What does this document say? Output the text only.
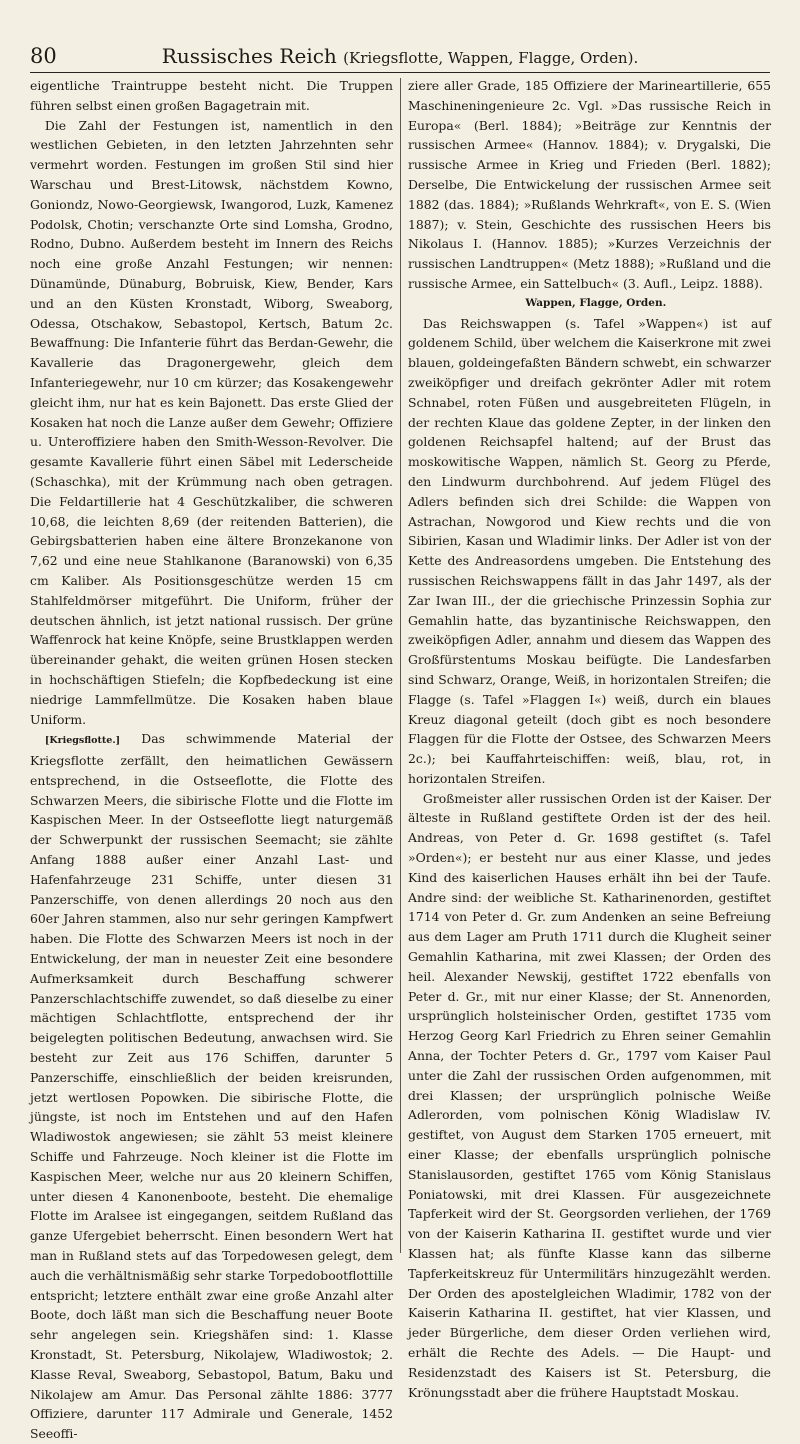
80	Russisches Reich (Kriegsflotte, Wappen, Flagge, Orden).

eigentliche Traintruppe besteht nicht. Die Truppen führen selbst einen großen Bagagetrain mit.

Die Zahl der Festungen ist, namentlich in den westlichen Gebieten, in den letzten Jahrzehnten sehr vermehrt worden. Festungen im großen Stil sind hier Warschau und Brest-Litowsk, nächstdem Kowno, Goniondz, Nowo-Georgiewsk, Iwangorod, Luzk, Kamenez Podolsk, Chotin; verschanzte Orte sind Lomsha, Grodno, Rodno, Dubno. Außerdem besteht im Innern des Reichs noch eine große Anzahl Festungen; wir nennen: Dünamünde, Dünaburg, Bobruisk, Kiew, Bender, Kars und an den Küsten Kronstadt, Wiborg, Sweaborg, Odessa, Otschakow, Sebastopol, Kertsch, Batum 2c. Bewaffnung: Die Infanterie führt das Berdan-Gewehr, die Kavallerie das Dragonergewehr, gleich dem Infanteriegewehr, nur 10 cm kürzer; das Kosakengewehr gleicht ihm, nur hat es kein Bajonett. Das erste Glied der Kosaken hat noch die Lanze außer dem Gewehr; Offiziere u. Unteroffiziere haben den Smith-Wesson-Revolver. Die gesamte Kavallerie führt einen Säbel mit Lederscheide (Schaschka), mit der Krümmung nach oben getragen. Die Feldartillerie hat 4 Geschützkaliber, die schweren 10,68, die leichten 8,69 (der reitenden Batterien), die Gebirgsbatterien haben eine ältere Bronzekanone von 7,62 und eine neue Stahlkanone (Baranowski) von 6,35 cm Kaliber. Als Positionsgeschütze werden 15 cm Stahlfeldmörser mitgeführt. Die Uniform, früher der deutschen ähnlich, ist jetzt national russisch. Der grüne Waffenrock hat keine Knöpfe, seine Brustklappen werden übereinander gehakt, die weiten grünen Hosen stecken in hochschäftigen Stiefeln; die Kopfbedeckung ist eine niedrige Lammfellmütze. Die Kosaken haben blaue Uniform.

[Kriegsflotte.] Das schwimmende Material der Kriegsflotte zerfällt, den heimatlichen Gewässern entsprechend, in die Ostseeflotte, die Flotte des Schwarzen Meers, die sibirische Flotte und die Flotte im Kaspischen Meer. In der Ostseeflotte liegt naturgemäß der Schwerpunkt der russischen Seemacht; sie zählte Anfang 1888 außer einer Anzahl Last- und Hafenfahrzeuge 231 Schiffe, unter diesen 31 Panzerschiffe, von denen allerdings 20 noch aus den 60er Jahren stammen, also nur sehr geringen Kampfwert haben. Die Flotte des Schwarzen Meers ist noch in der Entwickelung, der man in neuester Zeit eine besondere Aufmerksamkeit durch Beschaffung schwerer Panzerschlachtschiffe zuwendet, so daß dieselbe zu einer mächtigen Schlachtflotte, entsprechend der ihr beigelegten politischen Bedeutung, anwachsen wird. Sie besteht zur Zeit aus 176 Schiffen, darunter 5 Panzerschiffe, einschließlich der beiden kreisrunden, jetzt wertlosen Popowken. Die sibirische Flotte, die jüngste, ist noch im Entstehen und auf den Hafen Wladiwostok angewiesen; sie zählt 53 meist kleinere Schiffe und Fahrzeuge. Noch kleiner ist die Flotte im Kaspischen Meer, welche nur aus 20 kleinern Schiffen, unter diesen 4 Kanonenboote, besteht. Die ehemalige Flotte im Aralsee ist eingegangen, seitdem Rußland das ganze Ufergebiet beherrscht. Einen besondern Wert hat man in Rußland stets auf das Torpedowesen gelegt, dem auch die verhältnismäßig sehr starke Torpedobootflottille entspricht; letztere enthält zwar eine große Anzahl alter Boote, doch läßt man sich die Beschaffung neuer Boote sehr angelegen sein. Kriegshäfen sind: 1. Klasse Kronstadt, St. Petersburg, Nikolajew, Wladiwostok; 2. Klasse Reval, Sweaborg, Sebastopol, Batum, Baku und Nikolajew am Amur. Das Personal zählte 1886: 3777 Offiziere, darunter 117 Admirale und Generale, 1452 Seeoffi-

ziere aller Grade, 185 Offiziere der Marineartillerie, 655 Maschineningenieure 2c. Vgl. »Das russische Reich in Europa« (Berl. 1884); »Beiträge zur Kenntnis der russischen Armee« (Hannov. 1884); v. Drygalski, Die russische Armee in Krieg und Frieden (Berl. 1882); Derselbe, Die Entwickelung der russischen Armee seit 1882 (das. 1884); »Rußlands Wehrkraft«, von E. S. (Wien 1887); v. Stein, Geschichte des russischen Heers bis Nikolaus I. (Hannov. 1885); »Kurzes Verzeichnis der russischen Landtruppen« (Metz 1888); »Rußland und die russische Armee, ein Sattelbuch« (3. Aufl., Leipz. 1888).

Wappen, Flagge, Orden.

Das Reichswappen (s. Tafel »Wappen«) ist auf goldenem Schild, über welchem die Kaiserkrone mit zwei blauen, goldeingefaßten Bändern schwebt, ein schwarzer zweiköpfiger und dreifach gekrönter Adler mit rotem Schnabel, roten Füßen und ausgebreiteten Flügeln, in der rechten Klaue das goldene Zepter, in der linken den goldenen Reichsapfel haltend; auf der Brust das moskowitische Wappen, nämlich St. Georg zu Pferde, den Lindwurm durchbohrend. Auf jedem Flügel des Adlers befinden sich drei Schilde: die Wappen von Astrachan, Nowgorod und Kiew rechts und die von Sibirien, Kasan und Wladimir links. Der Adler ist von der Kette des Andreasordens umgeben. Die Entstehung des russischen Reichswappens fällt in das Jahr 1497, als der Zar Iwan III., der die griechische Prinzessin Sophia zur Gemahlin hatte, das byzantinische Reichswappen, den zweiköpfigen Adler, annahm und diesem das Wappen des Großfürstentums Moskau beifügte. Die Landesfarben sind Schwarz, Orange, Weiß, in horizontalen Streifen; die Flagge (s. Tafel »Flaggen I«) weiß, durch ein blaues Kreuz diagonal geteilt (doch gibt es noch besondere Flaggen für die Flotte der Ostsee, des Schwarzen Meers 2c.); bei Kauffahrteischiffen: weiß, blau, rot, in horizontalen Streifen.

Großmeister aller russischen Orden ist der Kaiser. Der älteste in Rußland gestiftete Orden ist der des heil. Andreas, von Peter d. Gr. 1698 gestiftet (s. Tafel »Orden«); er besteht nur aus einer Klasse, und jedes Kind des kaiserlichen Hauses erhält ihn bei der Taufe. Andre sind: der weibliche St. Katharinenorden, gestiftet 1714 von Peter d. Gr. zum Andenken an seine Befreiung aus dem Lager am Pruth 1711 durch die Klugheit seiner Gemahlin Katharina, mit zwei Klassen; der Orden des heil. Alexander Newskij, gestiftet 1722 ebenfalls von Peter d. Gr., mit nur einer Klasse; der St. Annenorden, ursprünglich holsteinischer Orden, gestiftet 1735 vom Herzog Georg Karl Friedrich zu Ehren seiner Gemahlin Anna, der Tochter Peters d. Gr., 1797 vom Kaiser Paul unter die Zahl der russischen Orden aufgenommen, mit drei Klassen; der ursprünglich polnische Weiße Adlerorden, vom polnischen König Wladislaw IV. gestiftet, von August dem Starken 1705 erneuert, mit einer Klasse; der ebenfalls ursprünglich polnische Stanislausorden, gestiftet 1765 vom König Stanislaus Poniatowski, mit drei Klassen. Für ausgezeichnete Tapferkeit wird der St. Georgsorden verliehen, der 1769 von der Kaiserin Katharina II. gestiftet wurde und vier Klassen hat; als fünfte Klasse kann das silberne Tapferkeitskreuz für Untermilitärs hinzugezählt werden. Der Orden des apostelgleichen Wladimir, 1782 von der Kaiserin Katharina II. gestiftet, hat vier Klassen, und jeder Bürgerliche, dem dieser Orden verliehen wird, erhält die Rechte des Adels. — Die Haupt- und Residenzstadt des Kaisers ist St. Petersburg, die Krönungsstadt aber die frühere Hauptstadt Moskau.
